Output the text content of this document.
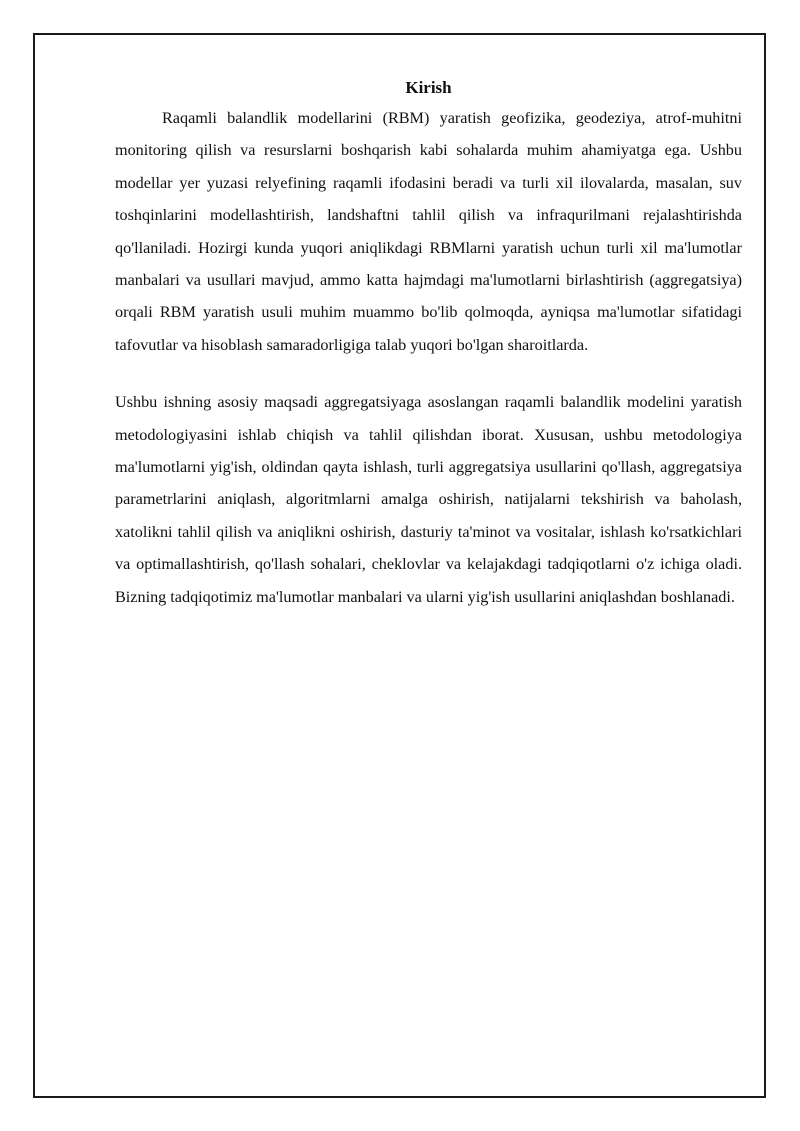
Kirish

Raqamli balandlik modellarini (RBM) yaratish geofizika, geodeziya, atrof-muhitni monitoring qilish va resurslarni boshqarish kabi sohalarda muhim ahamiyatga ega. Ushbu modellar yer yuzasi relyefining raqamli ifodasini beradi va turli xil ilovalarda, masalan, suv toshqinlarini modellashtirish, landshaftni tahlil qilish va infraqurilmani rejalashtirishda qo'llaniladi. Hozirgi kunda yuqori aniqlikdagi RBMlarni yaratish uchun turli xil ma'lumotlar manbalari va usullari mavjud, ammo katta hajmdagi ma'lumotlarni birlashtirish (aggregatsiya) orqali RBM yaratish usuli muhim muammo bo'lib qolmoqda, ayniqsa ma'lumotlar sifatidagi tafovutlar va hisoblash samaradorligiga talab yuqori bo'lgan sharoitlarda.

Ushbu ishning asosiy maqsadi aggregatsiyaga asoslangan raqamli balandlik modelini yaratish metodologiyasini ishlab chiqish va tahlil qilishdan iborat. Xususan, ushbu metodologiya ma'lumotlarni yig'ish, oldindan qayta ishlash, turli aggregatsiya usullarini qo'llash, aggregatsiya parametrlarini aniqlash, algoritmlarni amalga oshirish, natijalarni tekshirish va baholash, xatolikni tahlil qilish va aniqlikni oshirish, dasturiy ta'minot va vositalar, ishlash ko'rsatkichlari va optimallashtirish, qo'llash sohalari, cheklovlar va kelajakdagi tadqiqotlarni o'z ichiga oladi. Bizning tadqiqotimiz ma'lumotlar manbalari va ularni yig'ish usullarini aniqlashdan boshlanadi.
